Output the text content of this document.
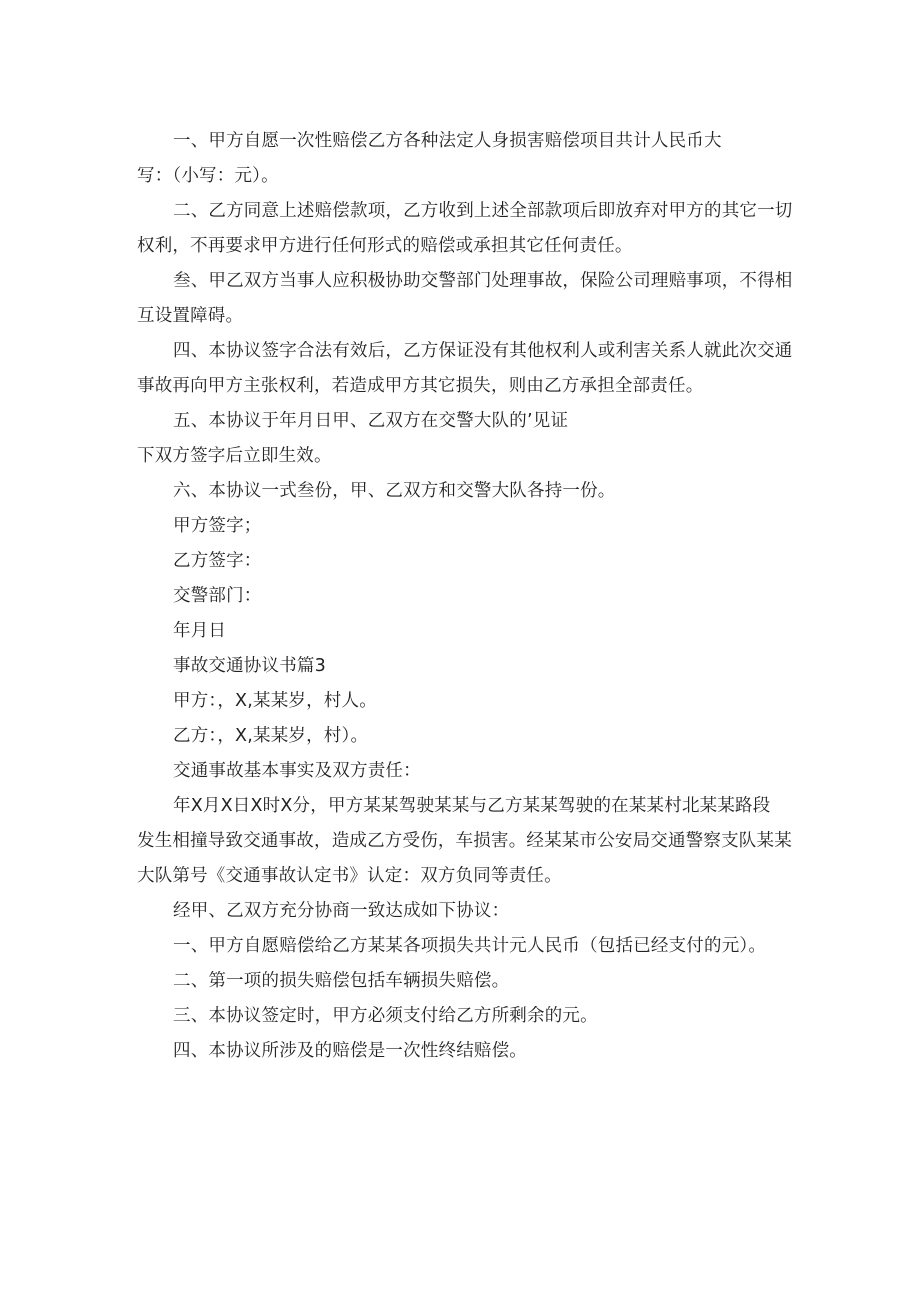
一、甲方自愿一次性赔偿乙方各种法定人身损害赔偿项目共计人民币大
写：（小写：元）。
二、乙方同意上述赔偿款项，乙方收到上述全部款项后即放弃对甲方的其它一切
权利，不再要求甲方进行任何形式的赔偿或承担其它任何责任。
叁、甲乙双方当事人应积极协助交警部门处理事故，保险公司理赔事项，不得相
互设置障碍。
四、本协议签字合法有效后，乙方保证没有其他权利人或利害关系人就此次交通
事故再向甲方主张权利，若造成甲方其它损失，则由乙方承担全部责任。
五、本协议于年月日甲、乙双方在交警大队的’见证
下双方签字后立即生效。
六、本协议一式叁份，甲、乙双方和交警大队各持一份。
甲方签字；
乙方签字：
交警部门：
年月日
事故交通协议书篇3
甲方：，X,某某岁，村人。
乙方：，X,某某岁，村）。
交通事故基本事实及双方责任：
年X月X日X时X分，甲方某某驾驶某某与乙方某某驾驶的在某某村北某某路段
发生相撞导致交通事故，造成乙方受伤，车损害。经某某市公安局交通警察支队某某
大队第号《交通事故认定书》认定：双方负同等责任。
经甲、乙双方充分协商一致达成如下协议：
一、甲方自愿赔偿给乙方某某各项损失共计元人民币（包括已经支付的元）。
二、第一项的损失赔偿包括车辆损失赔偿。
三、本协议签定时，甲方必须支付给乙方所剩余的元。
四、本协议所涉及的赔偿是一次性终结赔偿。
